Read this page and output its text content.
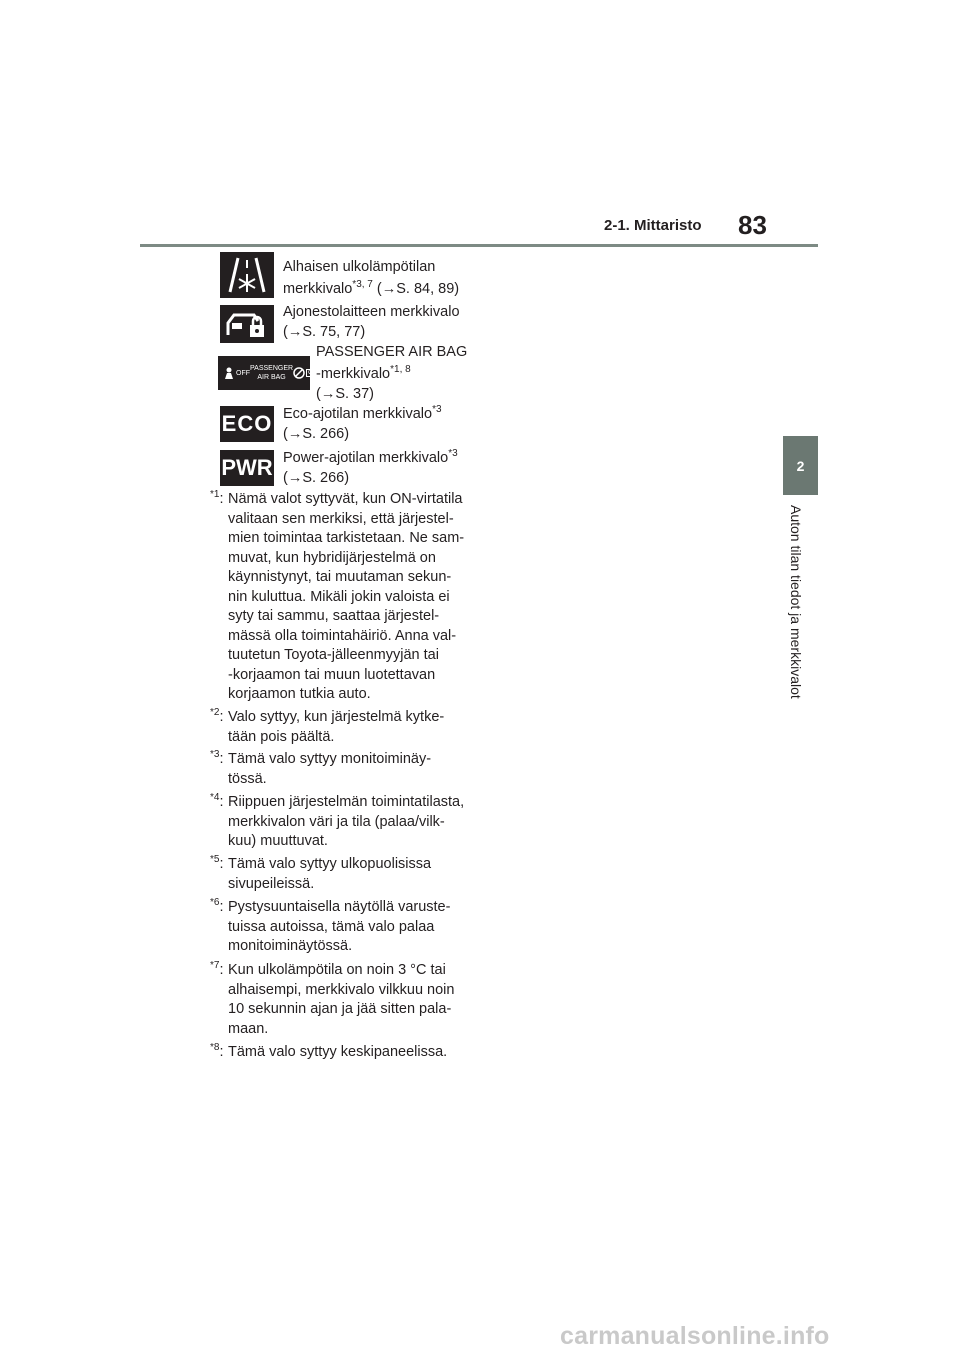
2-1. Mittaristo 83
2
Auton tilan tiedot ja merkkivalot
Alhaisen ulkolämpötilan
merkkivalo$^{*3, 7}$ (→S. 84, 89)
Ajonestolaitteen merkkivalo
(→S. 75, 77)
OFF
PASSENGER
AIR BAG
ON
PASSENGER AIR BAG
-merkkivalo$^{*1, 8}$
(→S. 37)
ECO Eco-ajotilan merkkivalo$^{*3}$
(→S. 266)
PWR Power-ajotilan merkkivalo$^{*3}$
(→S. 266)
$^{*1}$: Nämä valot syttyvät, kun ON-virtatila
valitaan sen merkiksi, että järjestel-
mien toimintaa tarkistetaan. Ne sam-
muvat, kun hybridijärjestelmä on
käynnistynyt, tai muutaman sekun-
nin kuluttua. Mikäli jokin valoista ei
syty tai sammu, saattaa järjestel-
mässä olla toimintahäiriö. Anna val-
tuutetun Toyota-jälleenmyyjän tai
-korjaamon tai muun luotettavan
korjaamon tutkia auto.
$^{*2}$: Valo syttyy, kun järjestelmä kytke-
tään pois päältä.
$^{*3}$: Tämä valo syttyy monitoiminäy-
tössä.
$^{*4}$: Riippuen järjestelmän toimintatilasta,
merkkivalon väri ja tila (palaa/vilk-
kuu) muuttuvat.
$^{*5}$: Tämä valo syttyy ulkopuolisissa
sivupeileissä.
$^{*6}$: Pystysuuntaisella näytöllä varuste-
tuissa autoissa, tämä valo palaa
monitoiminäytössä.
$^{*7}$: Kun ulkolämpötila on noin 3 °C tai
alhaisempi, merkkivalo vilkkuu noin
10 sekunnin ajan ja jää sitten pala-
maan.
$^{*8}$: Tämä valo syttyy keskipaneelissa.
carmanualsonline.info
